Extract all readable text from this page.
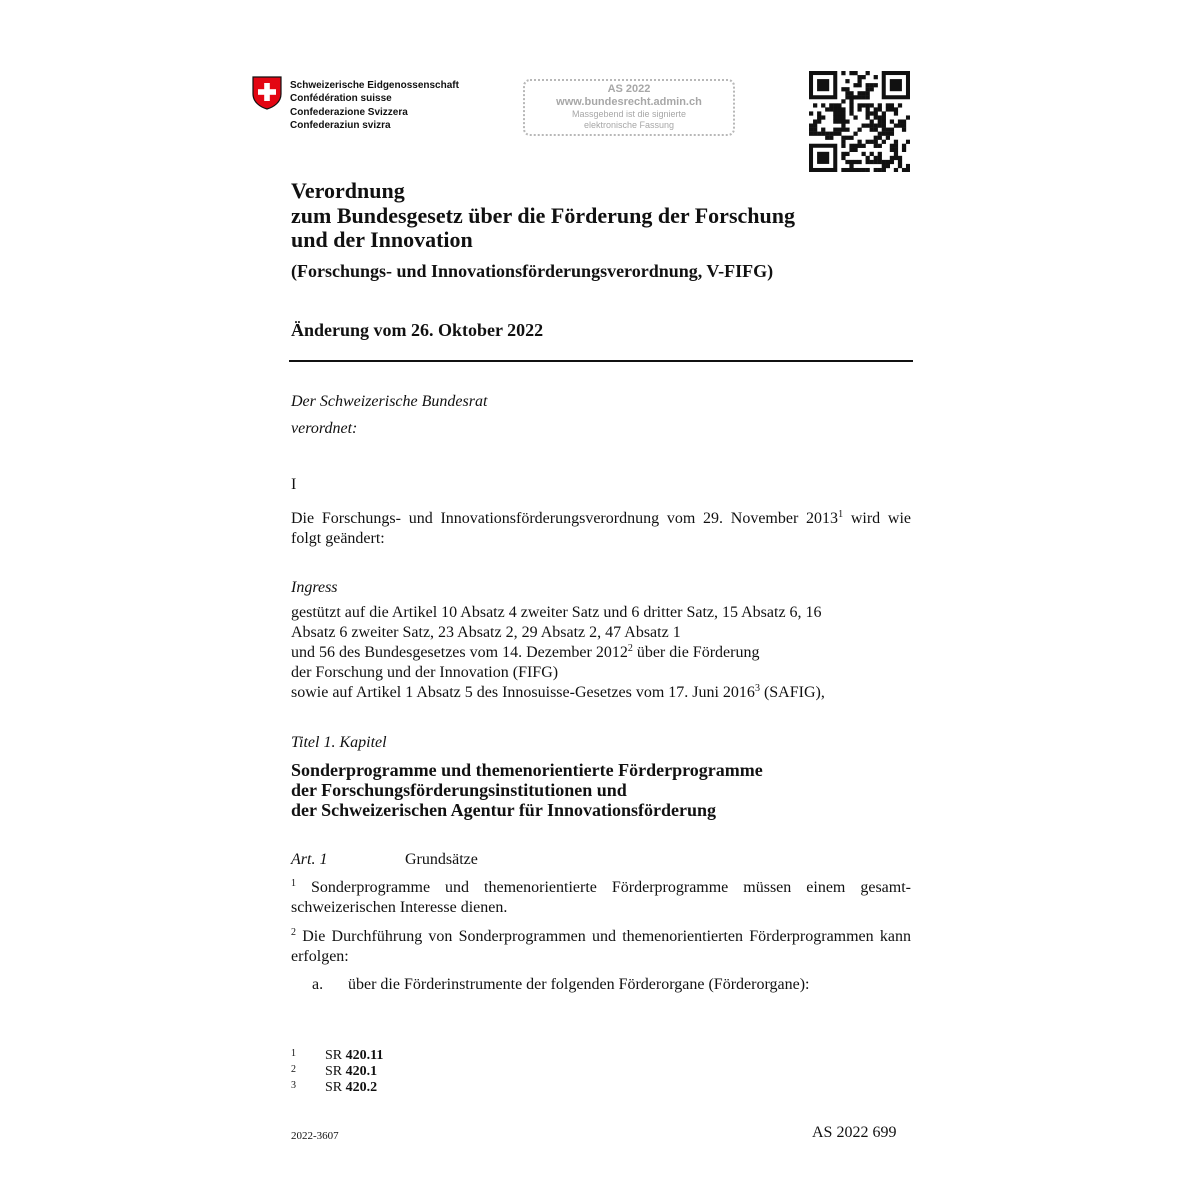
Schweizerische Eidgenossenschaft
Confédération suisse
Confederazione Svizzera
Confederaziun svizra
AS 2022
www.bundesrecht.admin.ch
Massgebend ist die signierte
elektronische Fassung
Verordnung
zum Bundesgesetz über die Förderung der Forschung
und der Innovation
(Forschungs- und Innovationsförderungsverordnung, V-FIFG)
Änderung vom 26. Oktober 2022
Der Schweizerische Bundesrat
verordnet:
I
Die Forschungs- und Innovationsförderungsverordnung vom 29. November 2013$^1$ wird wie folgt geändert:
Ingress
gestützt auf die Artikel 10 Absatz 4 zweiter Satz und 6 dritter Satz, 15 Absatz 6, 16
Absatz 6 zweiter Satz, 23 Absatz 2, 29 Absatz 2, 47 Absatz 1
und 56 des Bundesgesetzes vom 14. Dezember 2012$^2$ über die Förderung
der Forschung und der Innovation (FIFG)
sowie auf Artikel 1 Absatz 5 des Innosuisse-Gesetzes vom 17. Juni 2016$^3$ (SAFIG),
Titel 1. Kapitel
Sonderprogramme und themenorientierte Förderprogramme
der Forschungsförderungsinstitutionen und
der Schweizerischen Agentur für Innovationsförderung
Art. 1	Grundsätze
$^1$ Sonderprogramme und themenorientierte Förderprogramme müssen einem gesamtschweizerischen Interesse dienen.
$^2$ Die Durchführung von Sonderprogrammen und themenorientierten Förderprogrammen kann erfolgen:
a. über die Förderinstrumente der folgenden Förderorgane (Förderorgane):
1 SR 420.11
2 SR 420.1
3 SR 420.2
2022-3607	AS 2022 699
